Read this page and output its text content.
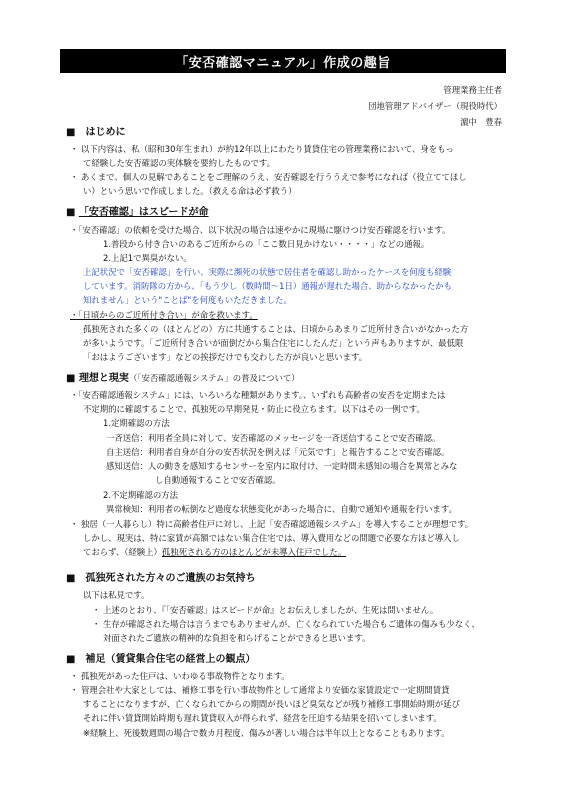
「安否確認マニュアル」作成の趣旨
管理業務主任者
団地管理アドバイザー（現役時代）
濵中　豊春
■　はじめに
・ 以下内容は、私（昭和30年生まれ）が約12年以上にわたり賃貸住宅の管理業務において、身をもっ
て経験した安否確認の実体験を要約したものです。
・ あくまで、個人の見解であることをご理解のうえ、安否確認を行ううえで参考になれば（役立ててほし
い）という思いで作成しました。（救える命は必ず救う）
■ 「安否確認」はスピードが命
・「安否確認」の依頼を受けた場合、以下状況の場合は速やかに現場に駆けつけ安否確認を行います。
1.普段から付き合いのあるご近所からの「ここ数日見かけない・・・・」などの通報。
2.上記1で異臭がない。
上記状況で「安否確認」を行い、実際に瀕死の状態で居住者を確認し助かったケースを何度も経験
しています。消防隊の方から、「もう少し（数時間～1日）通報が遅れた場合、助からなかったかも
知れません」という"ことば"を何度もいただきました。
・「日頃からのご近所付き合い」が命を救います。
孤独死された多くの（ほとんどの）方に共通することは、日頃からあまりご近所付き合いがなかった方
が多いようです。「ご近所付き合いが面倒だから集合住宅にしたんだ」という声もありますが、最低限
「おはようございます」などの挨拶だけでも交わした方が良いと思います。
■ 理想と現実（「安否確認通報システム」の普及について）
・「安否確認通報システム」には、いろいろな種類があります。、いずれも高齢者の安否を定期または
不定期的に確認することで、孤独死の早期発見・防止に役立ちます。以下はその一例です。
1.定期確認の方法
一斉送信：利用者全員に対して、安否確認のメッセージを一斉送信することで安否確認。
自主送信：利用者自身が自分の安否状況を例えば「元気です」と報告することで安否確認。
感知送信：人の動きを感知するセンサーを室内に取付け、一定時間未感知の場合を異常とみな
し自動通報することで安否確認。
2.不定期確認の方法
異常検知：利用者の転倒など過度な状態変化があった場合に、自動で通知や通報を行います。
・ 独居（一人暮らし）特に高齢者住戸に対し、上記「安否確認通報システム」を導入することが理想です。
しかし、現実は、特に家賃が高額ではない集合住宅では、導入費用などの問題で必要な方ほど導入し
ておらず、（経験上）孤独死される方のほとんどが未導入住戸でした。
■　孤独死された方々のご遺族のお気持ち
以下は私見です。
・ 上述のとおり、『「安否確認」はスピードが命』とお伝えしましたが、生死は問いません。
・ 生存が確認された場合は言うまでもありませんが、亡くなられていた場合もご遺体の傷みも少なく、
対面されたご遺族の精神的な負担を和らげることができると思います。
■　補足（賃貸集合住宅の経営上の観点）
・ 孤独死があった住戸は、いわゆる事故物件となります。
・ 管理会社や大家としては、補修工事を行い事故物件として通常より安価な家賃設定で一定期間賃貸
することになりますが、亡くなられてからの期間が長いほど臭気などが残り補修工事開始時期が延び
それに伴い賃貸開始時期も遅れ賃貸収入が得られず、経営を圧迫する結果を招いてしまいます。
※経験上、死後数週間の場合で数カ月程度、傷みが著しい場合は半年以上となることもあります。
